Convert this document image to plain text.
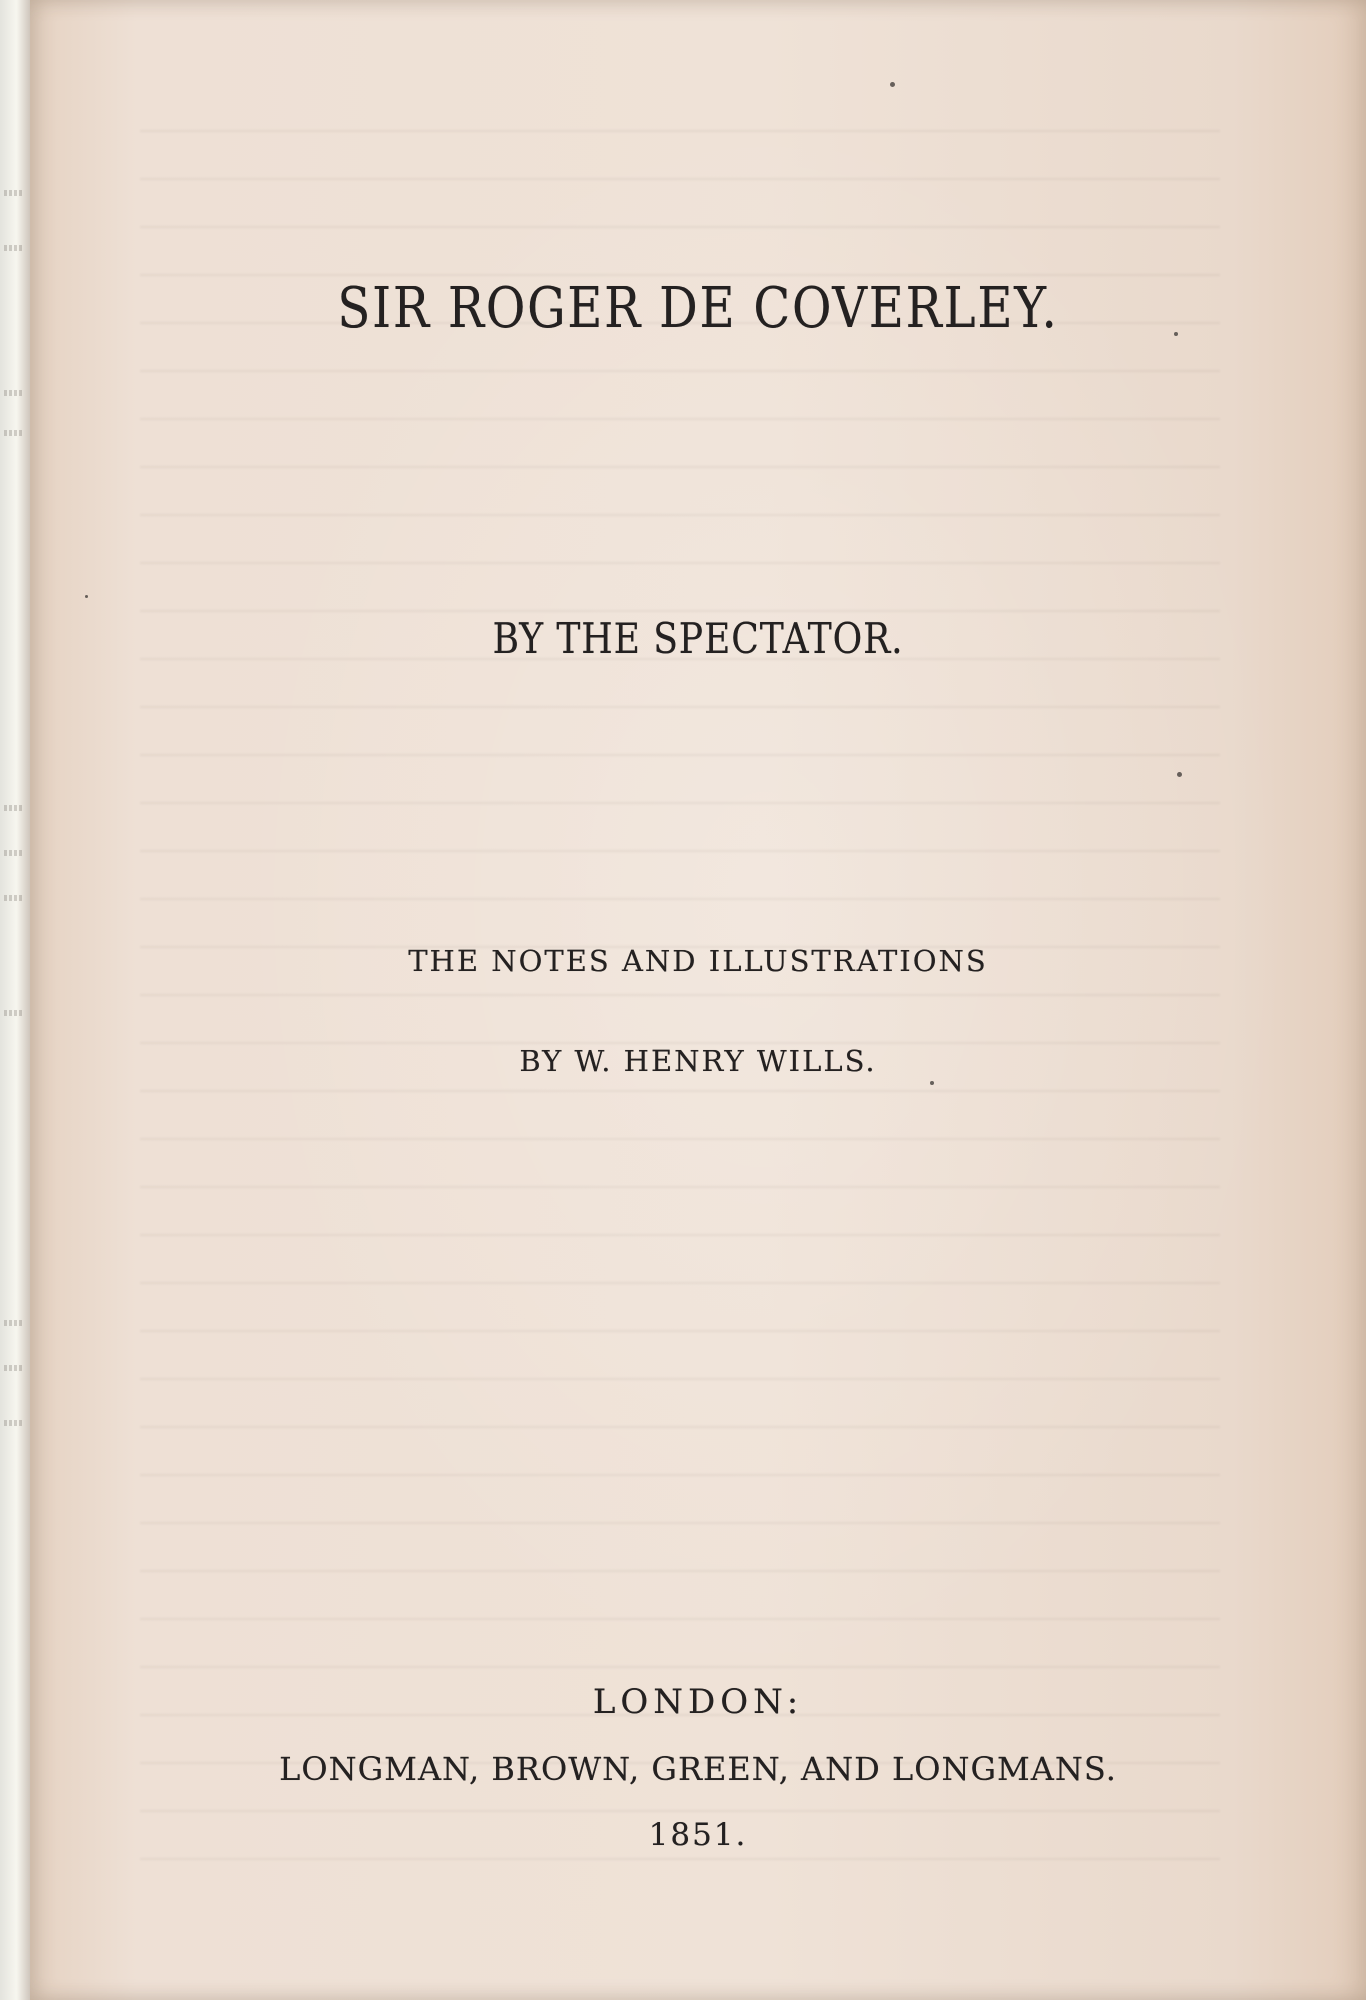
SIR ROGER DE COVERLEY.
BY THE SPECTATOR.
THE NOTES AND ILLUSTRATIONS
BY W. HENRY WILLS.
LONDON:
LONGMAN, BROWN, GREEN, AND LONGMANS.
1851.
